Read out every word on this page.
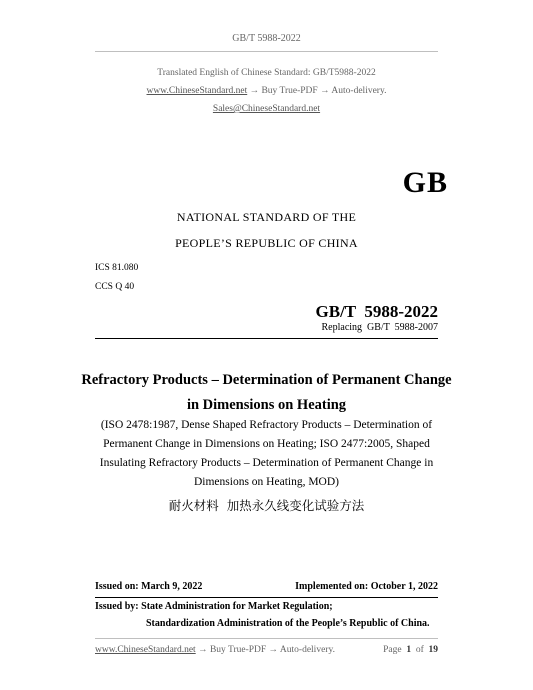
GB/T 5988-2022
Translated English of Chinese Standard: GB/T5988-2022
www.ChineseStandard.net → Buy True-PDF → Auto-delivery.
Sales@ChineseStandard.net
GB
NATIONAL STANDARD OF THE
PEOPLE’S REPUBLIC OF CHINA
ICS 81.080
CCS Q 40
GB/T  5988-2022
Replacing  GB/T  5988-2007
Refractory Products – Determination of Permanent Change
in Dimensions on Heating
(ISO 2478:1987, Dense Shaped Refractory Products – Determination of
Permanent Change in Dimensions on Heating; ISO 2477:2005, Shaped
Insulating Refractory Products – Determination of Permanent Change in
Dimensions on Heating, MOD)
耐火材料  加热永久线变化试验方法
Issued on: March 9, 2022	Implemented on: October 1, 2022
Issued by: State Administration for Market Regulation;
Standardization Administration of the People’s Republic of China.
www.ChineseStandard.net → Buy True-PDF → Auto-delivery.	Page 1 of 19
